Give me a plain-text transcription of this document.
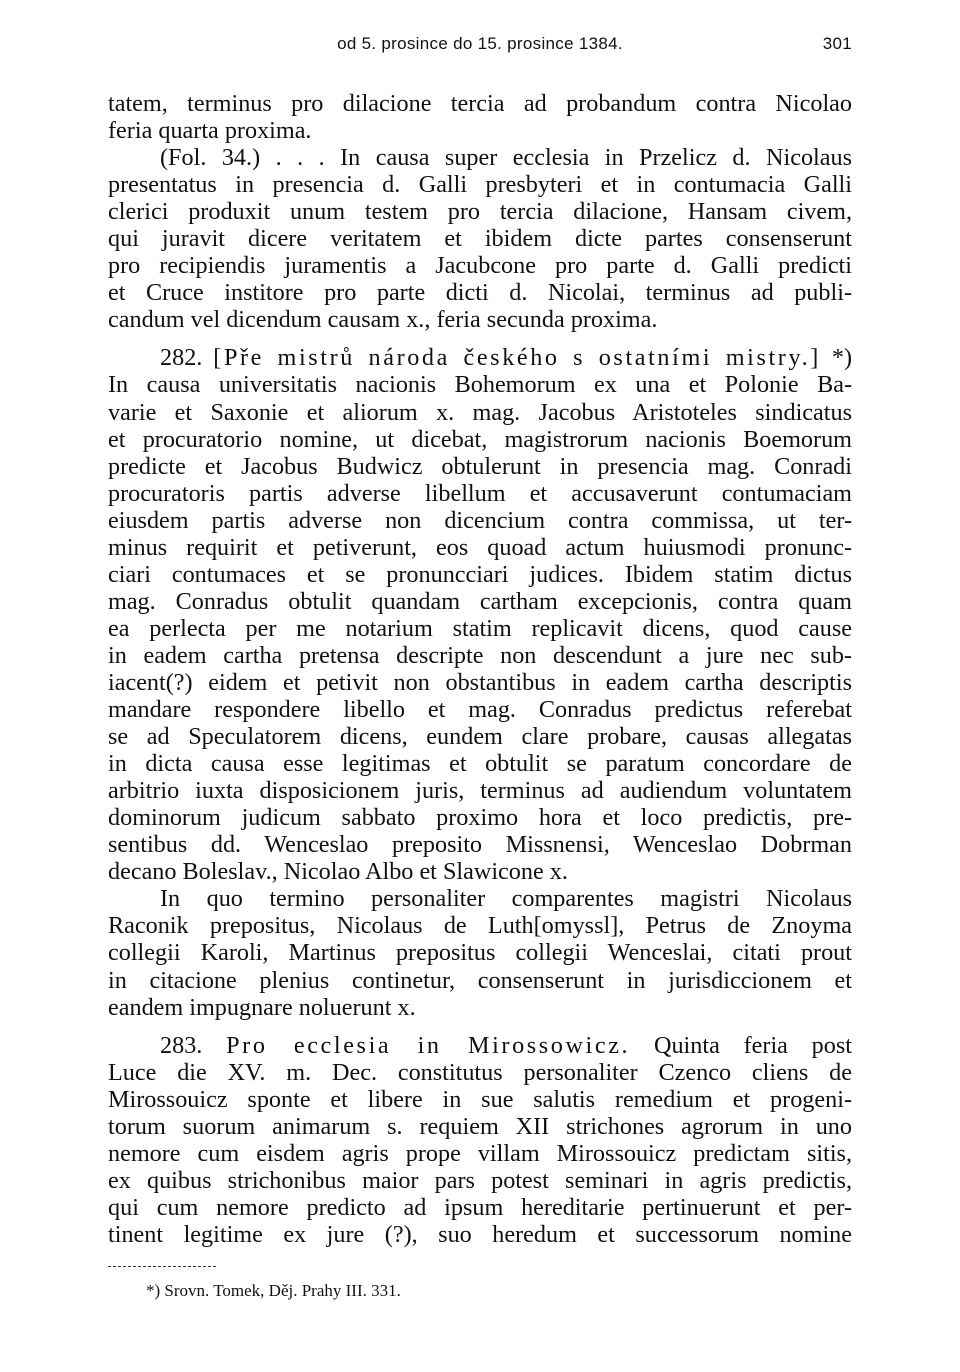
od 5. prosince do 15. prosince 1384.	301
tatem, terminus pro dilacione tercia ad probandum contra Nicolao
feria quarta proxima.
(Fol. 34.) . . . In causa super ecclesia in Przelicz d. Nicolaus
presentatus in presencia d. Galli presbyteri et in contumacia Galli
clerici produxit unum testem pro tercia dilacione, Hansam civem,
qui juravit dicere veritatem et ibidem dicte partes consenserunt
pro recipiendis juramentis a Jacubcone pro parte d. Galli predicti
et Cruce institore pro parte dicti d. Nicolai, terminus ad publi-
candum vel dicendum causam x., feria secunda proxima.
282. [Pře mistrů národa českého s ostatními mistry.] *)
In causa universitatis nacionis Bohemorum ex una et Polonie Ba-
varie et Saxonie et aliorum x. mag. Jacobus Aristoteles sindicatus
et procuratorio nomine, ut dicebat, magistrorum nacionis Boemorum
predicte et Jacobus Budwicz obtulerunt in presencia mag. Conradi
procuratoris partis adverse libellum et accusaverunt contumaciam
eiusdem partis adverse non dicencium contra commissa, ut ter-
minus requirit et petiverunt, eos quoad actum huiusmodi pronunc-
ciari contumaces et se pronuncciari judices. Ibidem statim dictus
mag. Conradus obtulit quandam cartham excepcionis, contra quam
ea perlecta per me notarium statim replicavit dicens, quod cause
in eadem cartha pretensa descripte non descendunt a jure nec sub-
iacent(?) eidem et petivit non obstantibus in eadem cartha descriptis
mandare respondere libello et mag. Conradus predictus referebat
se ad Speculatorem dicens, eundem clare probare, causas allegatas
in dicta causa esse legitimas et obtulit se paratum concordare de
arbitrio iuxta disposicionem juris, terminus ad audiendum voluntatem
dominorum judicum sabbato proximo hora et loco predictis, pre-
sentibus dd. Wenceslao preposito Missnensi, Wenceslao Dobrman
decano Boleslav., Nicolao Albo et Slawicone x.
In quo termino personaliter comparentes magistri Nicolaus
Raconik prepositus, Nicolaus de Luth[omyssl], Petrus de Znoyma
collegii Karoli, Martinus prepositus collegii Wenceslai, citati prout
in citacione plenius continetur, consenserunt in jurisdiccionem et
eandem impugnare noluerunt x.
283. Pro ecclesia in Mirossowicz. Quinta feria post
Luce die XV. m. Dec. constitutus personaliter Czenco cliens de
Mirossouicz sponte et libere in sue salutis remedium et progeni-
torum suorum animarum s. requiem XII strichones agrorum in uno
nemore cum eisdem agris prope villam Mirossouicz predictam sitis,
ex quibus strichonibus maior pars potest seminari in agris predictis,
qui cum nemore predicto ad ipsum hereditarie pertinuerunt et per-
tinent legitime ex jure (?), suo heredum et successorum nomine
*) Srovn. Tomek, Děj. Prahy III. 331.
